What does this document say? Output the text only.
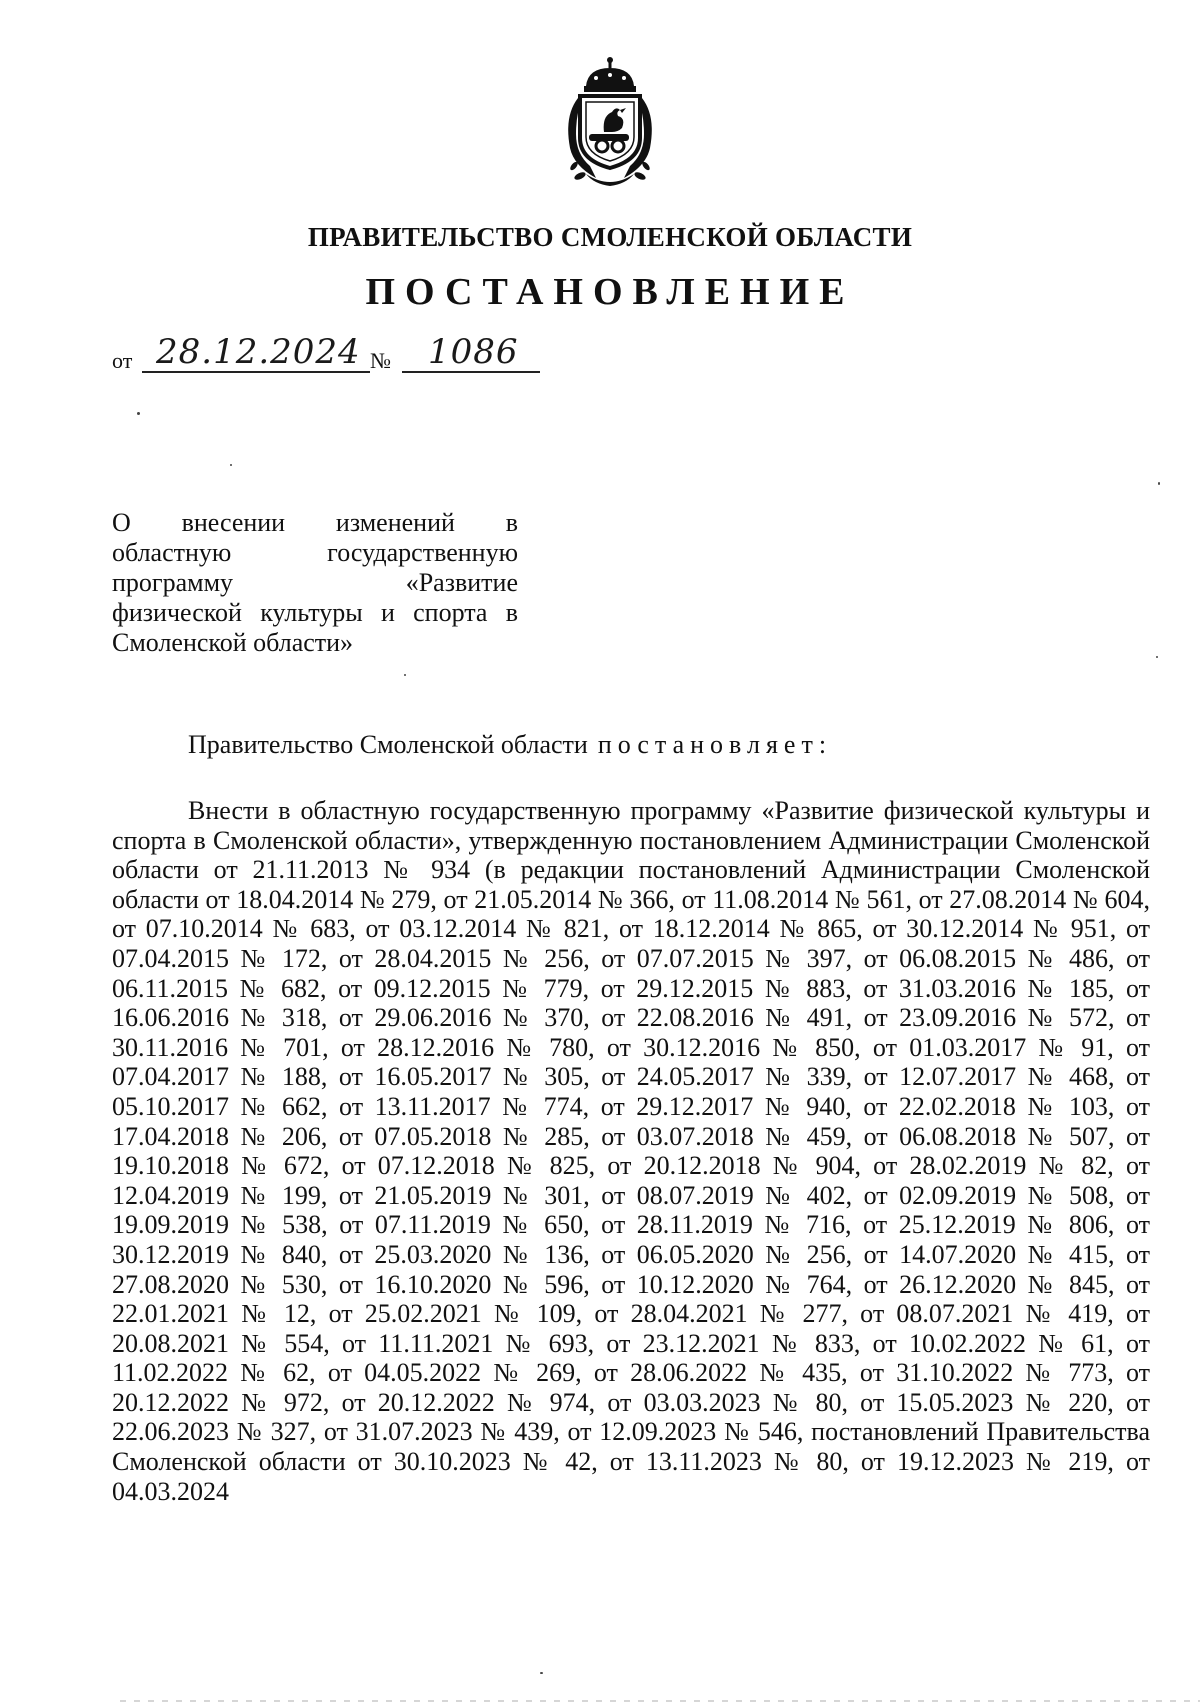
ПРАВИТЕЛЬСТВО СМОЛЕНСКОЙ ОБЛАСТИ
ПОСТАНОВЛЕНИЕ
от 28.12.2024 № 1086
О внесении изменений в
областную государственную
программу «Развитие
физической культуры и спорта в
Смоленской области»
Правительство Смоленской области постановляет:
Внести в областную государственную программу «Развитие физической культуры и спорта в Смоленской области», утвержденную постановлением Администрации Смоленской области от 21.11.2013 № 934 (в редакции постановлений Администрации Смоленской области от 18.04.2014 № 279, от 21.05.2014 № 366, от 11.08.2014 № 561, от 27.08.2014 № 604, от 07.10.2014 № 683, от 03.12.2014 № 821, от 18.12.2014 № 865, от 30.12.2014 № 951, от 07.04.2015 № 172, от 28.04.2015 № 256, от 07.07.2015 № 397, от 06.08.2015 № 486, от 06.11.2015 № 682, от 09.12.2015 № 779, от 29.12.2015 № 883, от 31.03.2016 № 185, от 16.06.2016 № 318, от 29.06.2016 № 370, от 22.08.2016 № 491, от 23.09.2016 № 572, от 30.11.2016 № 701, от 28.12.2016 № 780, от 30.12.2016 № 850, от 01.03.2017 № 91, от 07.04.2017 № 188, от 16.05.2017 № 305, от 24.05.2017 № 339, от 12.07.2017 № 468, от 05.10.2017 № 662, от 13.11.2017 № 774, от 29.12.2017 № 940, от 22.02.2018 № 103, от 17.04.2018 № 206, от 07.05.2018 № 285, от 03.07.2018 № 459, от 06.08.2018 № 507, от 19.10.2018 № 672, от 07.12.2018 № 825, от 20.12.2018 № 904, от 28.02.2019 № 82, от 12.04.2019 № 199, от 21.05.2019 № 301, от 08.07.2019 № 402, от 02.09.2019 № 508, от 19.09.2019 № 538, от 07.11.2019 № 650, от 28.11.2019 № 716, от 25.12.2019 № 806, от 30.12.2019 № 840, от 25.03.2020 № 136, от 06.05.2020 № 256, от 14.07.2020 № 415, от 27.08.2020 № 530, от 16.10.2020 № 596, от 10.12.2020 № 764, от 26.12.2020 № 845, от 22.01.2021 № 12, от 25.02.2021 № 109, от 28.04.2021 № 277, от 08.07.2021 № 419, от 20.08.2021 № 554, от 11.11.2021 № 693, от 23.12.2021 № 833, от 10.02.2022 № 61, от 11.02.2022 № 62, от 04.05.2022 № 269, от 28.06.2022 № 435, от 31.10.2022 № 773, от 20.12.2022 № 972, от 20.12.2022 № 974, от 03.03.2023 № 80, от 15.05.2023 № 220, от 22.06.2023 № 327, от 31.07.2023 № 439, от 12.09.2023 № 546, постановлений Правительства Смоленской области от 30.10.2023 № 42, от 13.11.2023 № 80, от 19.12.2023 № 219, от 04.03.2024
